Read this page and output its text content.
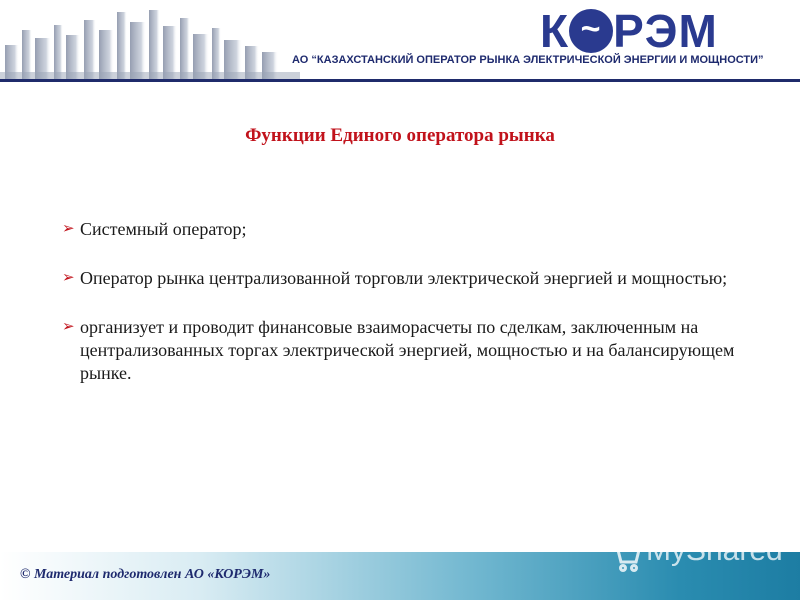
К ~ РЭМ
АО “КАЗАХСТАНСКИЙ ОПЕРАТОР РЫНКА ЭЛЕКТРИЧЕСКОЙ ЭНЕРГИИ И МОЩНОСТИ”
Функции Единого оператора рынка
➢ Системный оператор;
➢ Оператор рынка централизованной торговли электрической энергией и мощностью;
➢ организует и проводит финансовые взаиморасчеты по сделкам, заключенным на централизованных торгах электрической энергией, мощностью и на балансирующем рынке.
© Материал подготовлен АО «КОРЭМ»
MyShared
